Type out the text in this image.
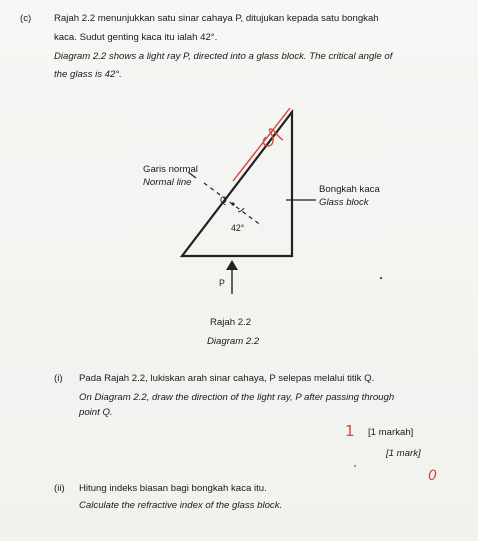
(c) Rajah 2.2 menunjukkan satu sinar cahaya P, ditujukan kepada satu bongkah
kaca. Sudut genting kaca itu ialah 42°.
Diagram 2.2 shows a light ray P, directed into a glass block. The critical angle of
the glass is 42°.
Garis normal
Normal line
Bongkah kaca
Glass block
Q
42°
P
Rajah 2.2
Diagram 2.2
(i) Pada Rajah 2.2, lukiskan arah sinar cahaya, P selepas melalui titik Q.
On Diagram 2.2, draw the direction of the light ray, P after passing through
point Q.
[1 markah]
[1 mark]
1
0
(ii) Hitung indeks biasan bagi bongkah kaca itu.
Calculate the refractive index of the glass block.
